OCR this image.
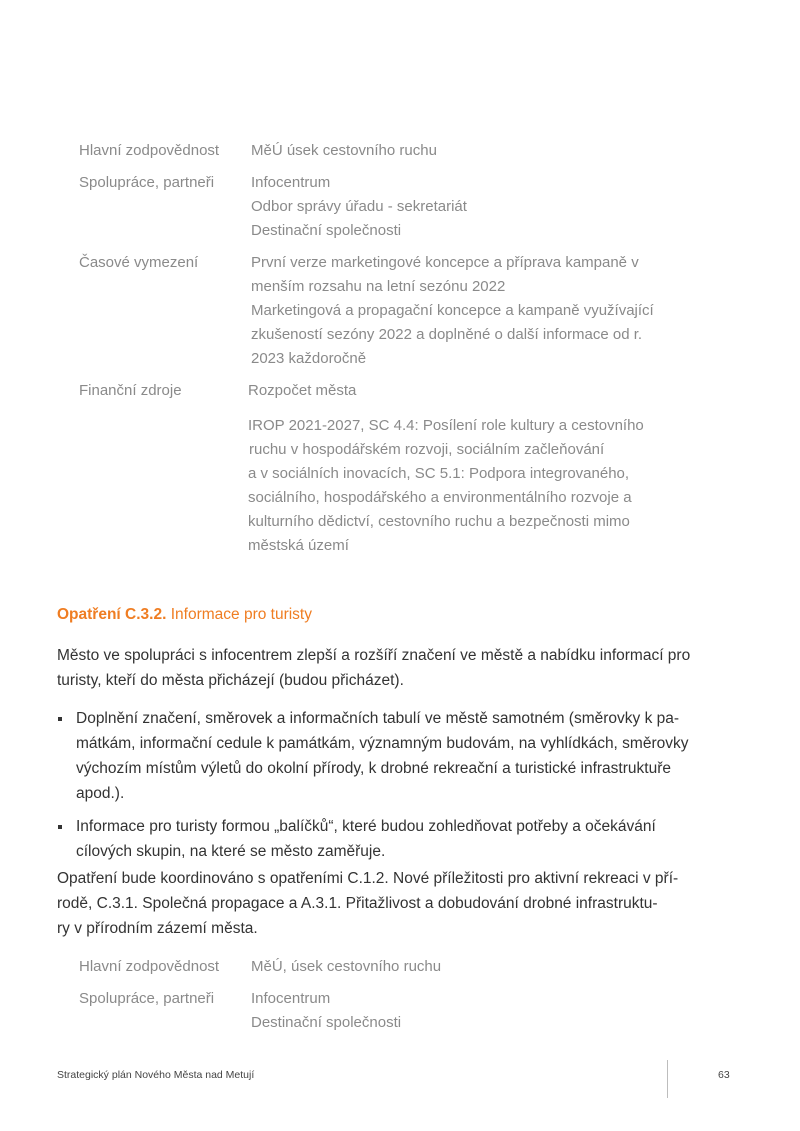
Hlavní zodpovědnost	MěÚ úsek cestovního ruchu
Spolupráce, partneři	Infocentrum
Odbor správy úřadu - sekretariát
Destinační společnosti
Časové vymezení	První verze marketingové koncepce a příprava kampaně v
menším rozsahu na letní sezónu 2022
Marketingová a propagační koncepce a kampaně využívající
zkušeností sezóny 2022 a doplněné o další informace od r.
2023 každoročně
Finanční zdroje	Rozpočet města
IROP 2021-2027, SC 4.4: Posílení role kultury a cestovního
ruchu v hospodářském rozvoji, sociálním začleňování
a v sociálních inovacích, SC 5.1: Podpora integrovaného,
sociálního, hospodářského a environmentálního rozvoje a
kulturního dědictví, cestovního ruchu a bezpečnosti mimo
městská území
Opatření C.3.2. Informace pro turisty
Město ve spolupráci s infocentrem zlepší a rozšíří značení ve městě a nabídku informací pro
turisty, kteří do města přicházejí (budou přicházet).
Doplnění značení, směrovek a informačních tabulí ve městě samotném (směrovky k pa-
mátkám, informační cedule k památkám, významným budovám, na vyhlídkách, směrovky
výchozím místům výletů do okolní přírody, k drobné rekreační a turistické infrastruktuře
apod.).
Informace pro turisty formou „balíčků“, které budou zohledňovat potřeby a očekávání
cílových skupin, na které se město zaměřuje.
Opatření bude koordinováno s opatřeními C.1.2. Nové příležitosti pro aktivní rekreaci v pří-
rodě, C.3.1. Společná propagace a A.3.1. Přitažlivost a dobudování drobné infrastruktu-
ry v přírodním zázemí města.
Hlavní zodpovědnost	MěÚ, úsek cestovního ruchu
Spolupráce, partneři	Infocentrum
Destinační společnosti
Strategický plán Nového Města nad Metují	63
